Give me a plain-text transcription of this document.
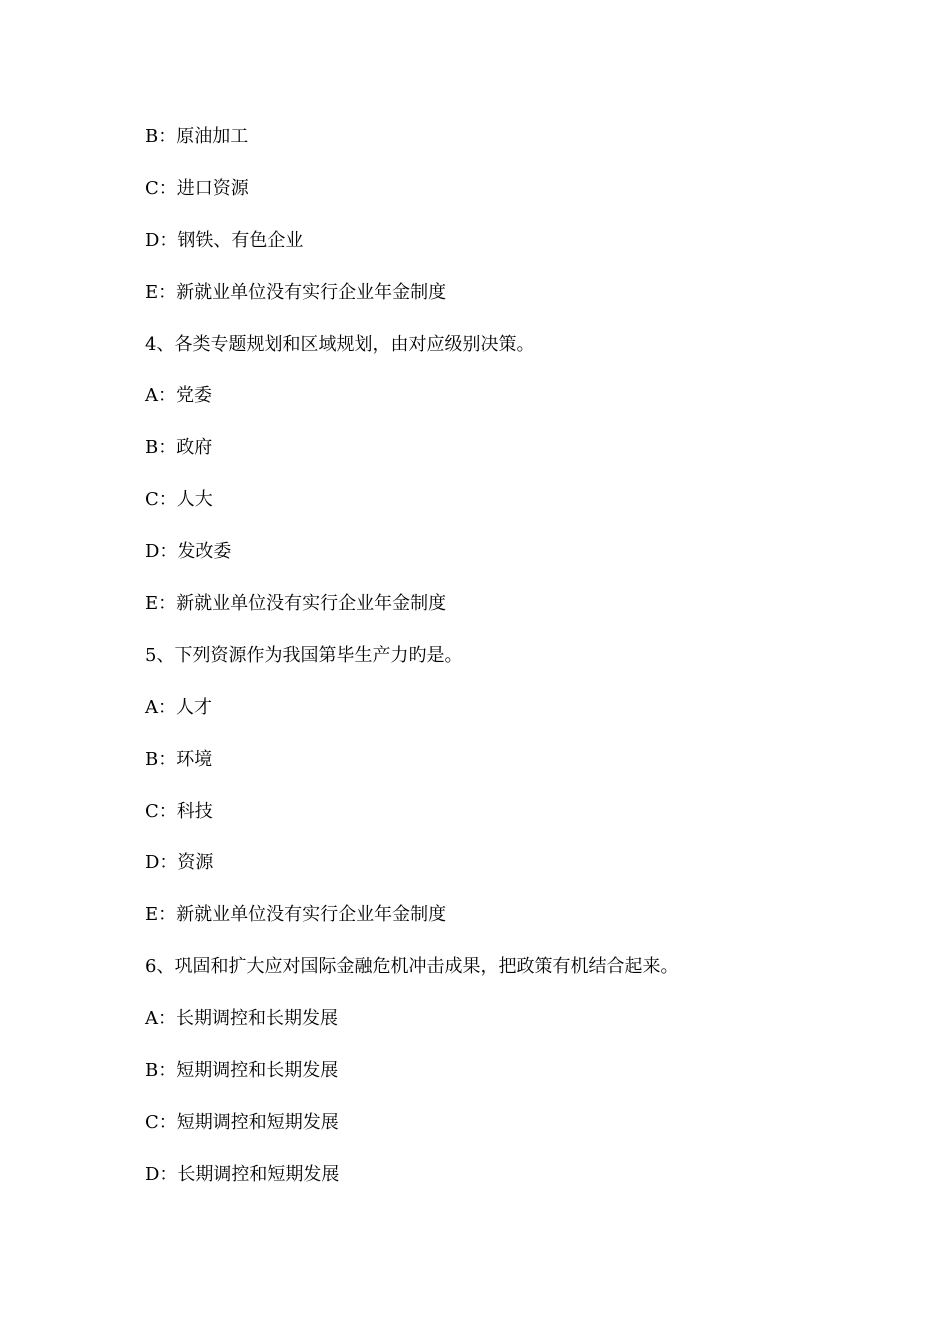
B：原油加工
C：进口资源
D：钢铁、有色企业
E：新就业单位没有实行企业年金制度
4、各类专题规划和区域规划，由对应级别决策。
A：党委
B：政府
C：人大
D：发改委
E：新就业单位没有实行企业年金制度
5、下列资源作为我国第毕生产力旳是。
A：人才
B：环境
C：科技
D：资源
E：新就业单位没有实行企业年金制度
6、巩固和扩大应对国际金融危机冲击成果，把政策有机结合起来。
A：长期调控和长期发展
B：短期调控和长期发展
C：短期调控和短期发展
D：长期调控和短期发展
